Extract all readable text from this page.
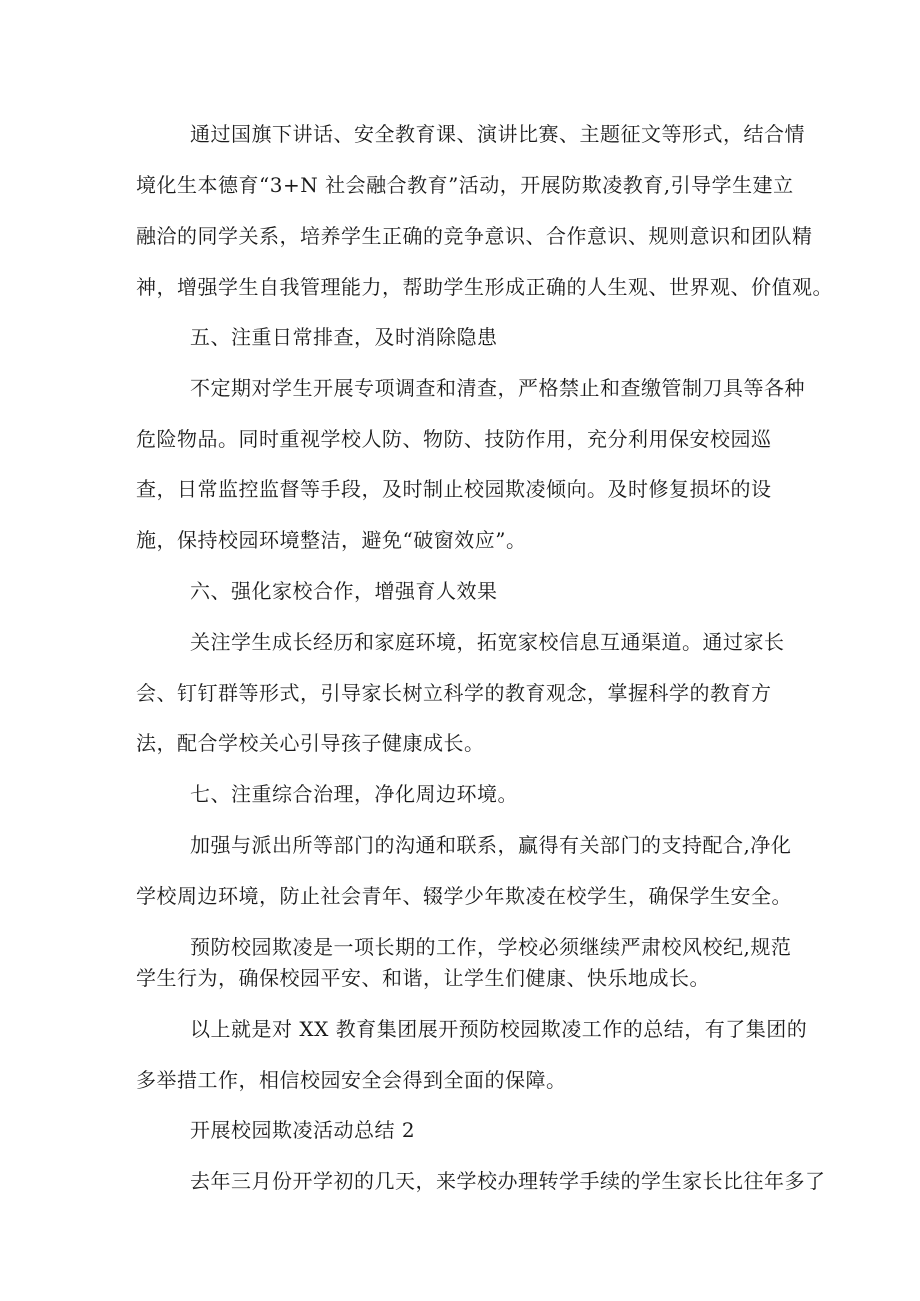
通过国旗下讲话、安全教育课、演讲比赛、主题征文等形式，结合情
境化生本德育“3+N 社会融合教育”活动，开展防欺凌教育,引导学生建立
融洽的同学关系，培养学生正确的竞争意识、合作意识、规则意识和团队精
神，增强学生自我管理能力，帮助学生形成正确的人生观、世界观、价值观。
五、注重日常排查，及时消除隐患
不定期对学生开展专项调查和清查，严格禁止和查缴管制刀具等各种
危险物品。同时重视学校人防、物防、技防作用，充分利用保安校园巡
查，日常监控监督等手段，及时制止校园欺凌倾向。及时修复损坏的设
施，保持校园环境整洁，避免“破窗效应”。
六、强化家校合作，增强育人效果
关注学生成长经历和家庭环境，拓宽家校信息互通渠道。通过家长
会、钉钉群等形式，引导家长树立科学的教育观念，掌握科学的教育方
法，配合学校关心引导孩子健康成长。
七、注重综合治理，净化周边环境。
加强与派出所等部门的沟通和联系，赢得有关部门的支持配合,净化
学校周边环境，防止社会青年、辍学少年欺凌在校学生，确保学生安全。
预防校园欺凌是一项长期的工作，学校必须继续严肃校风校纪,规范
学生行为，确保校园平安、和谐，让学生们健康、快乐地成长。
以上就是对 XX 教育集团展开预防校园欺凌工作的总结，有了集团的
多举措工作，相信校园安全会得到全面的保障。
开展校园欺凌活动总结 2
去年三月份开学初的几天，来学校办理转学手续的学生家长比往年多了
